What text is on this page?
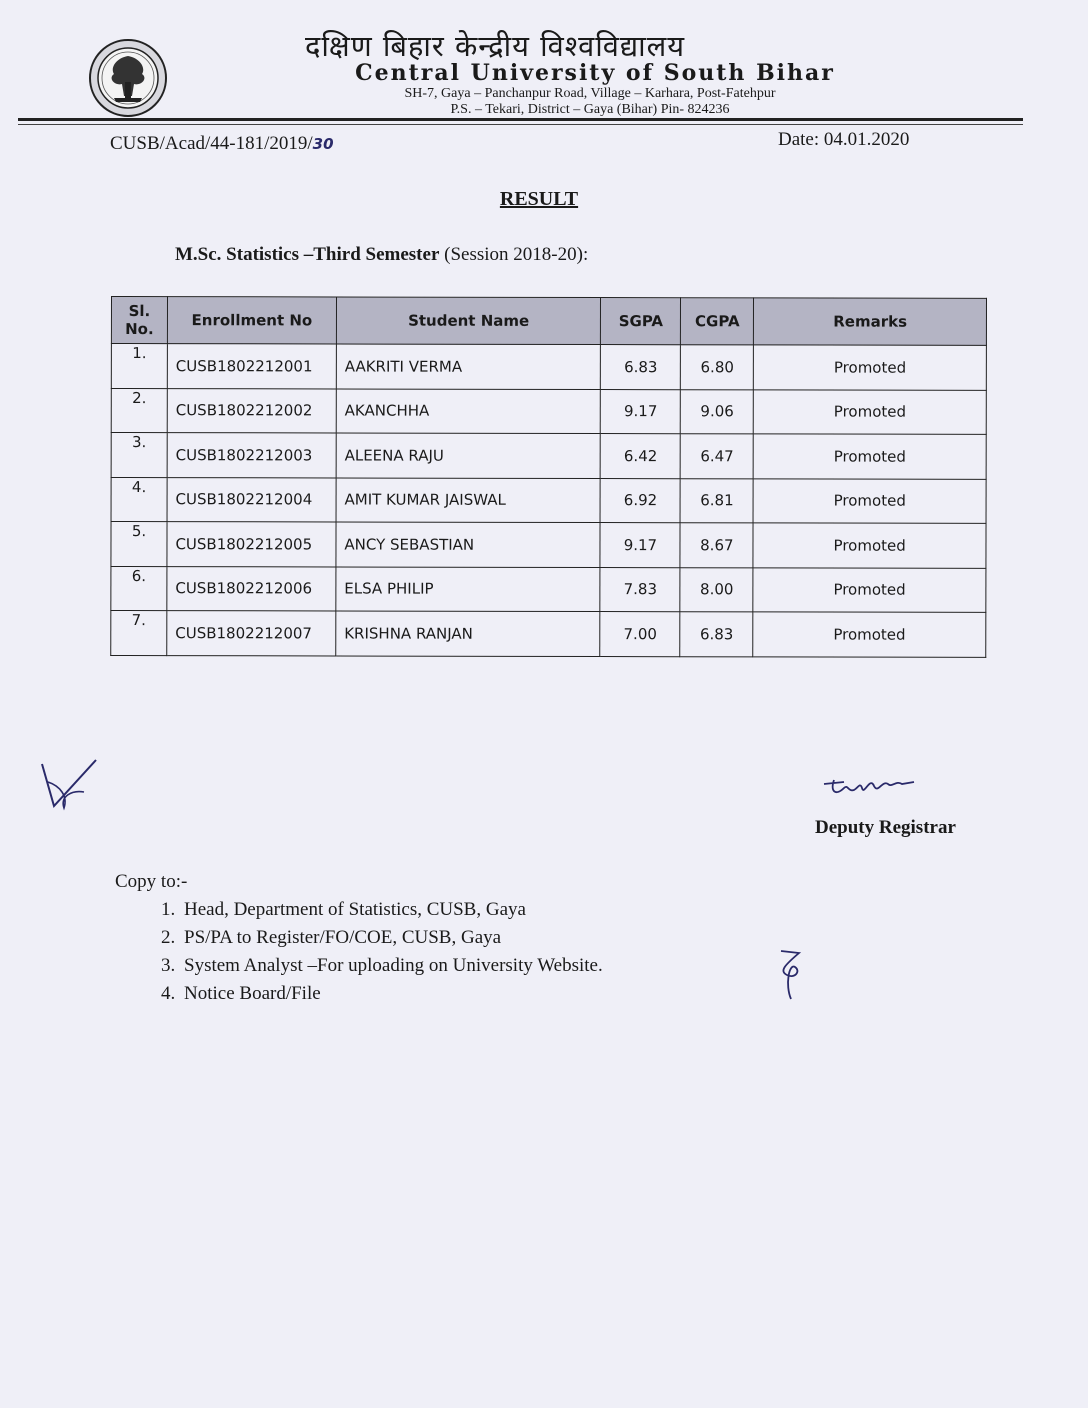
दक्षिण बिहार केन्द्रीय विश्वविद्यालय
Central University of South Bihar
SH-7, Gaya – Panchanpur Road, Village – Karhara, Post-Fatehpur
P.S. – Tekari, District – Gaya (Bihar) Pin- 824236
CUSB/Acad/44-181/2019/30	Date: 04.01.2020
RESULT
M.Sc. Statistics –Third Semester (Session 2018-20):
Sl.
No.	Enrollment No	Student Name	SGPA	CGPA	Remarks
1.	CUSB1802212001	AAKRITI VERMA	6.83	6.80	Promoted
2.	CUSB1802212002	AKANCHHA	9.17	9.06	Promoted
3.	CUSB1802212003	ALEENA RAJU	6.42	6.47	Promoted
4.	CUSB1802212004	AMIT KUMAR JAISWAL	6.92	6.81	Promoted
5.	CUSB1802212005	ANCY SEBASTIAN	9.17	8.67	Promoted
6.	CUSB1802212006	ELSA PHILIP	7.83	8.00	Promoted
7.	CUSB1802212007	KRISHNA RANJAN	7.00	6.83	Promoted
Deputy Registrar
Copy to:-
1. Head, Department of Statistics, CUSB, Gaya
2. PS/PA to Register/FO/COE, CUSB, Gaya
3. System Analyst –For uploading on University Website.
4. Notice Board/File
